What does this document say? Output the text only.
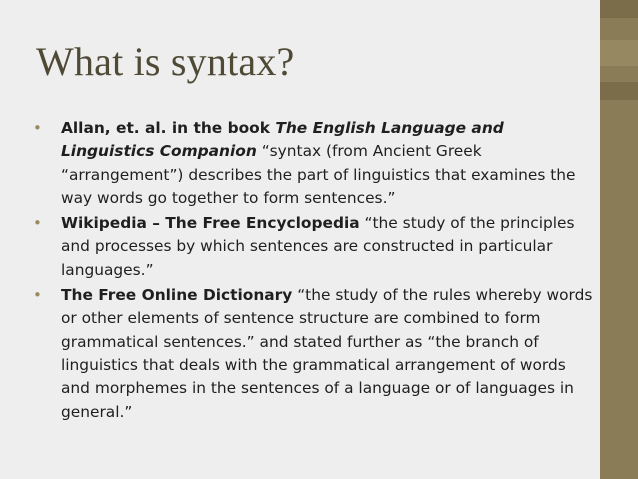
What is syntax?
• Allan, et. al. in the book The English Language and Linguistics Companion “syntax (from Ancient Greek “arrangement”) describes the part of linguistics that examines the way words go together to form sentences.”
• Wikipedia – The Free Encyclopedia “the study of the principles and processes by which sentences are constructed in particular languages.”
• The Free Online Dictionary “the study of the rules whereby words or other elements of sentence structure are combined to form grammatical sentences.” and stated further as “the branch of linguistics that deals with the grammatical arrangement of words and morphemes in the sentences of a language or of languages in general.”
